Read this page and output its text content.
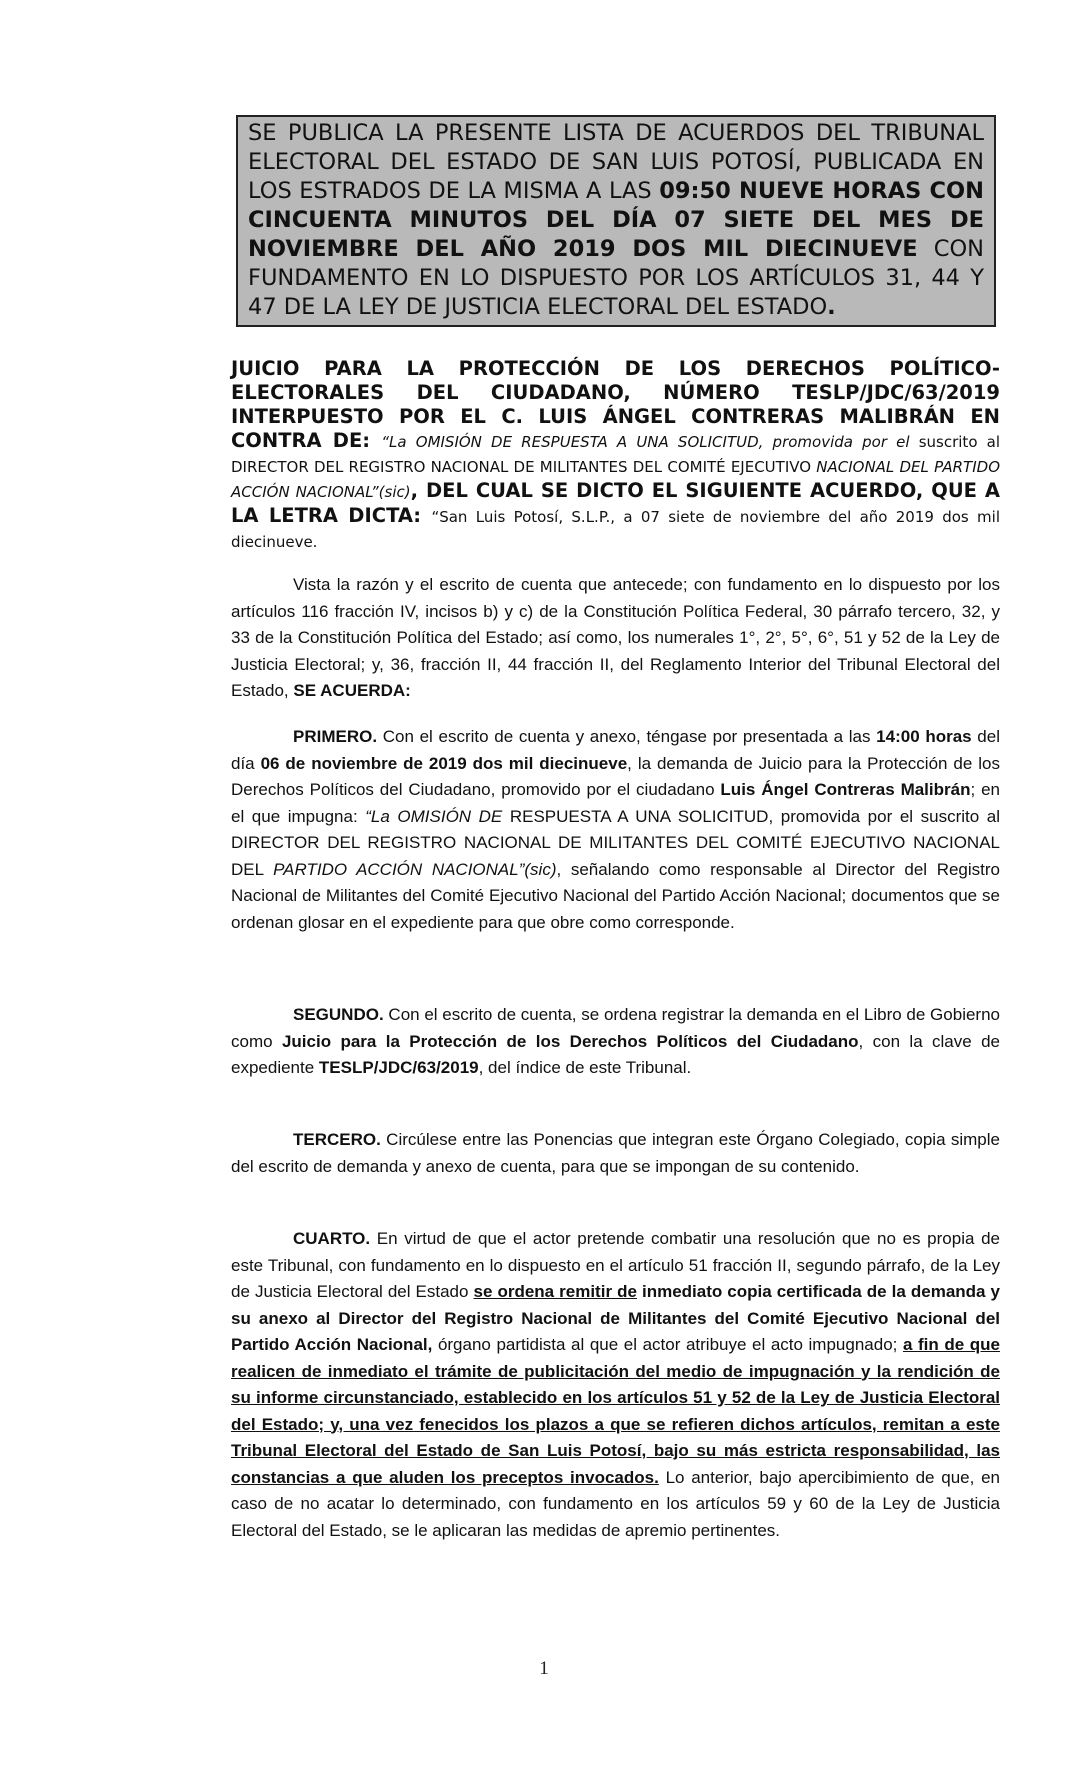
SE PUBLICA LA PRESENTE LISTA DE ACUERDOS DEL TRIBUNAL ELECTORAL DEL ESTADO DE SAN LUIS POTOSÍ, PUBLICADA EN LOS ESTRADOS DE LA MISMA A LAS 09:50 NUEVE HORAS CON CINCUENTA MINUTOS DEL DÍA 07 SIETE DEL MES DE NOVIEMBRE DEL AÑO 2019 DOS MIL DIECINUEVE CON FUNDAMENTO EN LO DISPUESTO POR LOS ARTÍCULOS 31, 44 Y 47 DE LA LEY DE JUSTICIA ELECTORAL DEL ESTADO.
JUICIO PARA LA PROTECCIÓN DE LOS DERECHOS POLÍTICO-ELECTORALES DEL CIUDADANO, NÚMERO TESLP/JDC/63/2019 INTERPUESTO POR EL C. LUIS ÁNGEL CONTRERAS MALIBRÁN EN CONTRA DE: “La OMISIÓN DE RESPUESTA A UNA SOLICITUD, promovida por el suscrito al DIRECTOR DEL REGISTRO NACIONAL DE MILITANTES DEL COMITÉ EJECUTIVO NACIONAL DEL PARTIDO ACCIÓN NACIONAL”(sic), DEL CUAL SE DICTO EL SIGUIENTE ACUERDO, QUE A LA LETRA DICTA: “San Luis Potosí, S.L.P., a 07 siete de noviembre del año 2019 dos mil diecinueve.

Vista la razón y el escrito de cuenta que antecede; con fundamento en lo dispuesto por los artículos 116 fracción IV, incisos b) y c) de la Constitución Política Federal, 30 párrafo tercero, 32, y 33 de la Constitución Política del Estado; así como, los numerales 1°, 2°, 5°, 6°, 51 y 52 de la Ley de Justicia Electoral; y, 36, fracción II, 44 fracción II, del Reglamento Interior del Tribunal Electoral del Estado, SE ACUERDA:

PRIMERO. Con el escrito de cuenta y anexo, téngase por presentada a las 14:00 horas del día 06 de noviembre de 2019 dos mil diecinueve, la demanda de Juicio para la Protección de los Derechos Políticos del Ciudadano, promovido por el ciudadano Luis Ángel Contreras Malibrán; en el que impugna: “La OMISIÓN DE RESPUESTA A UNA SOLICITUD, promovida por el suscrito al DIRECTOR DEL REGISTRO NACIONAL DE MILITANTES DEL COMITÉ EJECUTIVO NACIONAL DEL PARTIDO ACCIÓN NACIONAL”(sic), señalando como responsable al Director del Registro Nacional de Militantes del Comité Ejecutivo Nacional del Partido Acción Nacional; documentos que se ordenan glosar en el expediente para que obre como corresponde.

SEGUNDO. Con el escrito de cuenta, se ordena registrar la demanda en el Libro de Gobierno como Juicio para la Protección de los Derechos Políticos del Ciudadano, con la clave de expediente TESLP/JDC/63/2019, del índice de este Tribunal.

TERCERO. Circúlese entre las Ponencias que integran este Órgano Colegiado, copia simple del escrito de demanda y anexo de cuenta, para que se impongan de su contenido.

CUARTO. En virtud de que el actor pretende combatir una resolución que no es propia de este Tribunal, con fundamento en lo dispuesto en el artículo 51 fracción II, segundo párrafo, de la Ley de Justicia Electoral del Estado se ordena remitir de inmediato copia certificada de la demanda y su anexo al Director del Registro Nacional de Militantes del Comité Ejecutivo Nacional del Partido Acción Nacional, órgano partidista al que el actor atribuye el acto impugnado; a fin de que realicen de inmediato el trámite de publicitación del medio de impugnación y la rendición de su informe circunstanciado, establecido en los artículos 51 y 52 de la Ley de Justicia Electoral del Estado; y, una vez fenecidos los plazos a que se refieren dichos artículos, remitan a este Tribunal Electoral del Estado de San Luis Potosí, bajo su más estricta responsabilidad, las constancias a que aluden los preceptos invocados. Lo anterior, bajo apercibimiento de que, en caso de no acatar lo determinado, con fundamento en los artículos 59 y 60 de la Ley de Justicia Electoral del Estado, se le aplicaran las medidas de apremio pertinentes.

1
